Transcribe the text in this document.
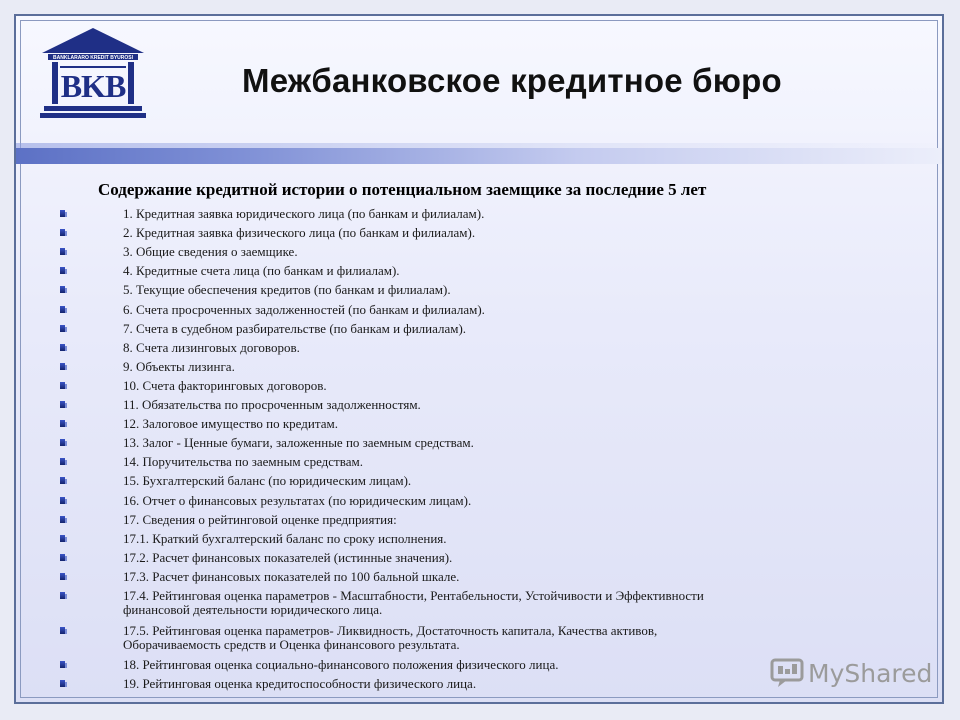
BANKLARARO KREDIT BYUROSI
BKB	Межбанковское кредитное бюро
Содержание кредитной истории о потенциальном заемщике за последние 5 лет
1. Кредитная заявка юридического лица (по банкам и филиалам).
2. Кредитная заявка физического лица (по банкам и филиалам).
3. Общие сведения о заемщике.
4. Кредитные счета лица (по банкам и филиалам).
5. Текущие обеспечения кредитов (по банкам и филиалам).
6. Счета просроченных задолженностей (по банкам и филиалам).
7. Счета в судебном разбирательстве (по банкам и филиалам).
8. Счета лизинговых договоров.
9. Объекты лизинга.
10. Счета факторинговых договоров.
11. Обязательства по просроченным задолженностям.
12. Залоговое имущество по кредитам.
13. Залог - Ценные бумаги, заложенные по заемным средствам.
14. Поручительства по заемным средствам.
15. Бухгалтерский баланс (по юридическим лицам).
16. Отчет о финансовых результатах (по юридическим лицам).
17. Сведения о рейтинговой оценке предприятия:
17.1. Краткий бухгалтерский баланс по сроку исполнения.
17.2. Расчет финансовых показателей (истинные значения).
17.3. Расчет финансовых показателей по 100 бальной шкале.
17.4. Рейтинговая оценка параметров - Масштабности, Рентабельности, Устойчивости и Эффективности
финансовой деятельности юридического лица.
17.5. Рейтинговая оценка параметров- Ликвидность, Достаточность капитала, Качества активов,
Оборачиваемость средств и Оценка финансового результата.
18. Рейтинговая оценка социально-финансового положения физического лица.
19. Рейтинговая оценка кредитоспособности физического лица.	MyShared
